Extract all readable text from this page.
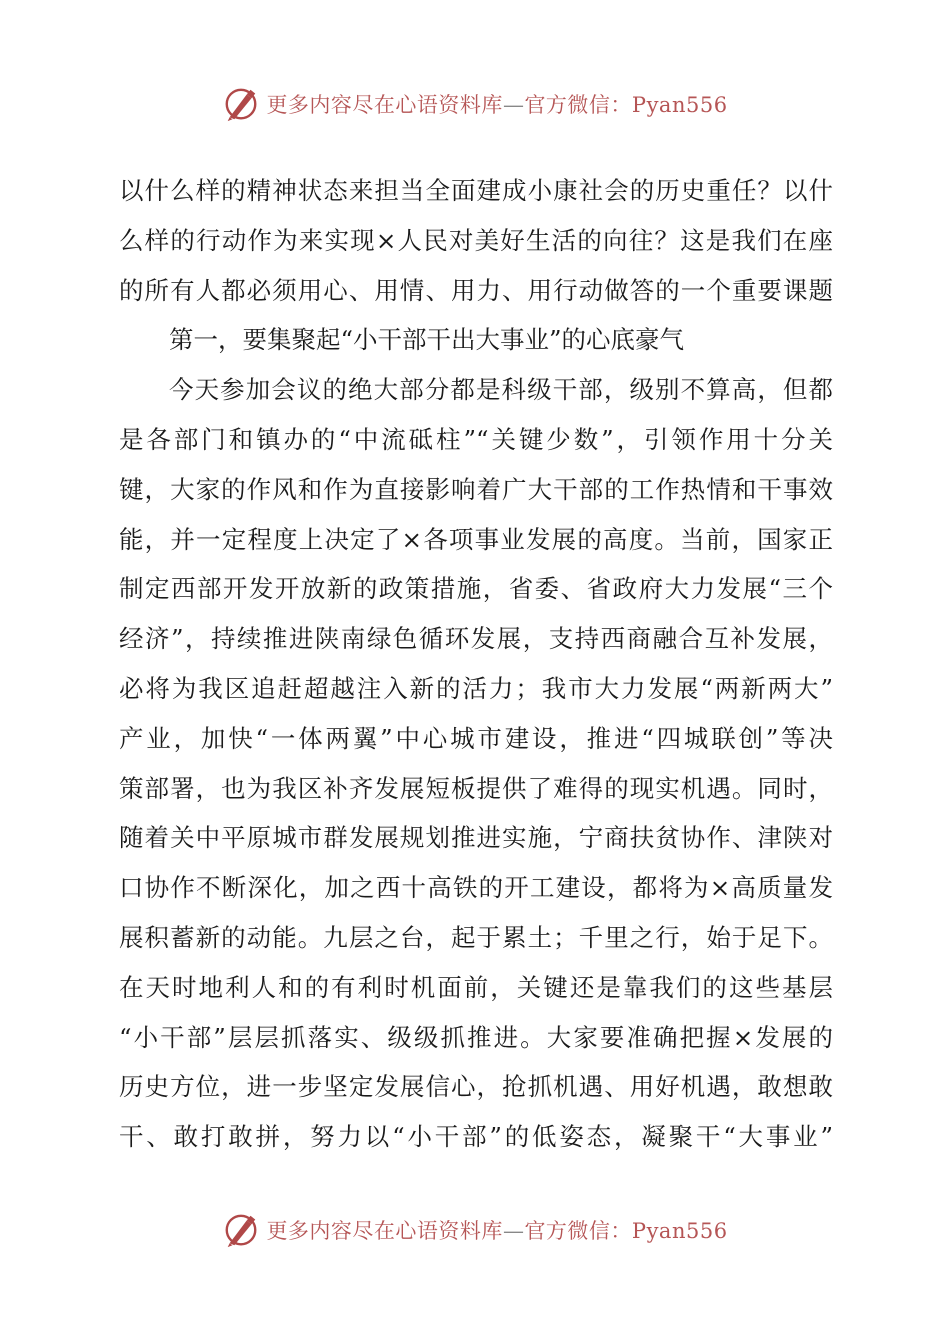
更多内容尽在心语资料库—官方微信：Pyan556
以什么样的精神状态来担当全面建成小康社会的历史重任？以什
么样的行动作为来实现×人民对美好生活的向往？这是我们在座
的所有人都必须用心、用情、用力、用行动做答的一个重要课题
第一，要集聚起“小干部干出大事业”的心底豪气
今天参加会议的绝大部分都是科级干部，级别不算高，但都
是各部门和镇办的“中流砥柱”“关键少数”，引领作用十分关
键，大家的作风和作为直接影响着广大干部的工作热情和干事效
能，并一定程度上决定了×各项事业发展的高度。当前，国家正
制定西部开发开放新的政策措施，省委、省政府大力发展“三个
经济”，持续推进陕南绿色循环发展，支持西商融合互补发展，
必将为我区追赶超越注入新的活力；我市大力发展“两新两大”
产业，加快“一体两翼”中心城市建设，推进“四城联创”等决
策部署，也为我区补齐发展短板提供了难得的现实机遇。同时，
随着关中平原城市群发展规划推进实施，宁商扶贫协作、津陕对
口协作不断深化，加之西十高铁的开工建设，都将为×高质量发
展积蓄新的动能。九层之台，起于累土；千里之行，始于足下。
在天时地利人和的有利时机面前，关键还是靠我们的这些基层
“小干部”层层抓落实、级级抓推进。大家要准确把握×发展的
历史方位，进一步坚定发展信心，抢抓机遇、用好机遇，敢想敢
干、敢打敢拼，努力以“小干部”的低姿态，凝聚干“大事业”
更多内容尽在心语资料库—官方微信：Pyan556
